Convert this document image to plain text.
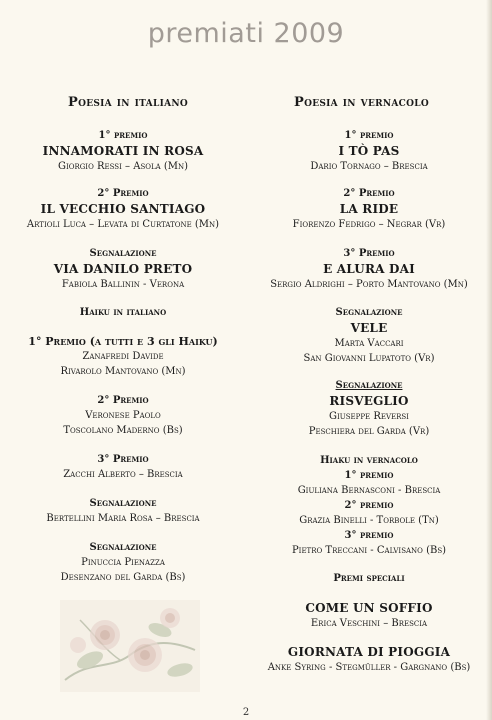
premiati 2009
Poesia in italiano
1° premio
INNAMORATI IN ROSA
Giorgio Ressi – Asola (Mn)
2° Premio
IL VECCHIO SANTIAGO
Artioli Luca – Levata di Curtatone (Mn)
Segnalazione
VIA DANILO PRETO
Fabiola Ballinin - Verona
Haiku in italiano
1° Premio (a tutti e 3 gli Haiku)
Zanafredi Davide
Rivarolo Mantovano (Mn)
2° Premio
Veronese Paolo
Toscolano Maderno (Bs)
3° Premio
Zacchi Alberto – Brescia
Segnalazione
Bertellini Maria Rosa – Brescia
Segnalazione
Pinuccia Pienazza
Desenzano del Garda (Bs)
Poesia in vernacolo
1° premio
I TÒ PAS
Dario Tornago – Brescia
2° Premio
LA RIDE
Fiorenzo Fedrigo – Negrar (Vr)
3° Premio
E ALURA DAI
Sergio Aldrighi – Porto Mantovano (Mn)
Segnalazione
VELE
Marta Vaccari
San Giovanni Lupatoto (Vr)
Segnalazione
RISVEGLIO
Giuseppe Reversi
Peschiera del Garda (Vr)
Hiaku in vernacolo
1° premio
Giuliana Bernasconi - Brescia
2° premio
Grazia Binelli - Torbole (Tn)
3° premio
Pietro Treccani - Calvisano (Bs)
Premi speciali
COME UN SOFFIO
Erica Veschini – Brescia
GIORNATA DI PIOGGIA
Anke Syring - Stegmüller - Gargnano (Bs)
2
